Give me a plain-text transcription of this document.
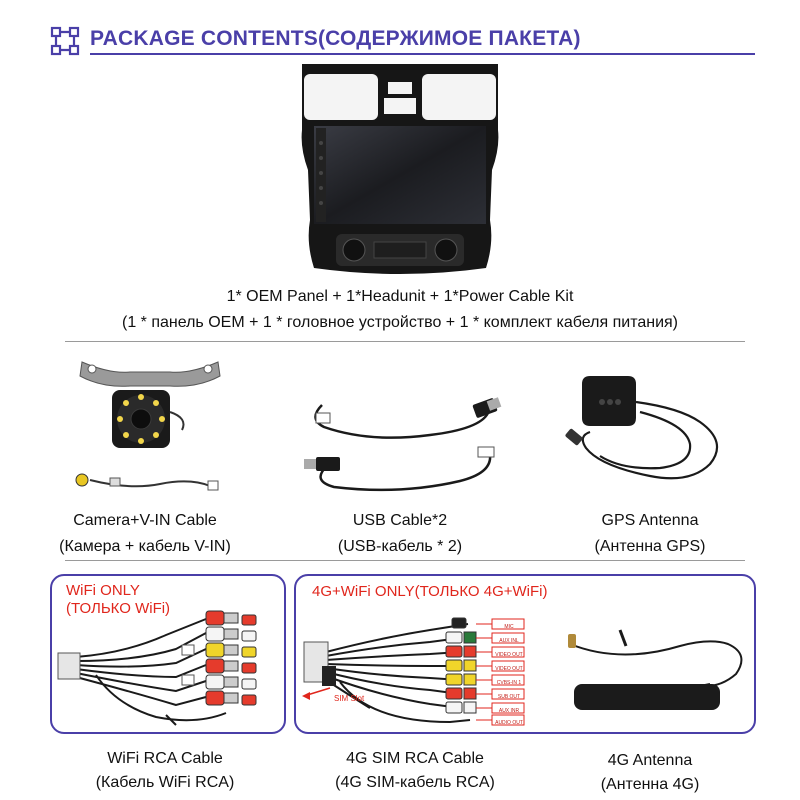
PACKAGE CONTENTS(СОДЕРЖИМОЕ ПАКЕТА)
1* OEM Panel + 1*Headunit + 1*Power Cable Kit
(1 * панель OEM + 1 * головное устройство + 1 * комплект кабеля питания)
Camera+V-IN Cable
(Камера + кабель V-IN)
USB Cable*2
(USB-кабель * 2)
GPS Antenna
(Антенна GPS)
WiFi ONLY
(ТОЛЬКО WiFi)
WiFi RCA Cable
(Кабель WiFi RCA)
4G+WiFi ONLY(ТОЛЬКО 4G+WiFi)
SIM Slot
MIC
AUX INL
VIDEO OUT
VIDEO OUT
CVBS-IN 1
SUB OUT
AUX INR
AUDIO OUT
4G SIM RCA Cable
(4G SIM-кабель RCA)
4G Antenna
(Антенна 4G)
